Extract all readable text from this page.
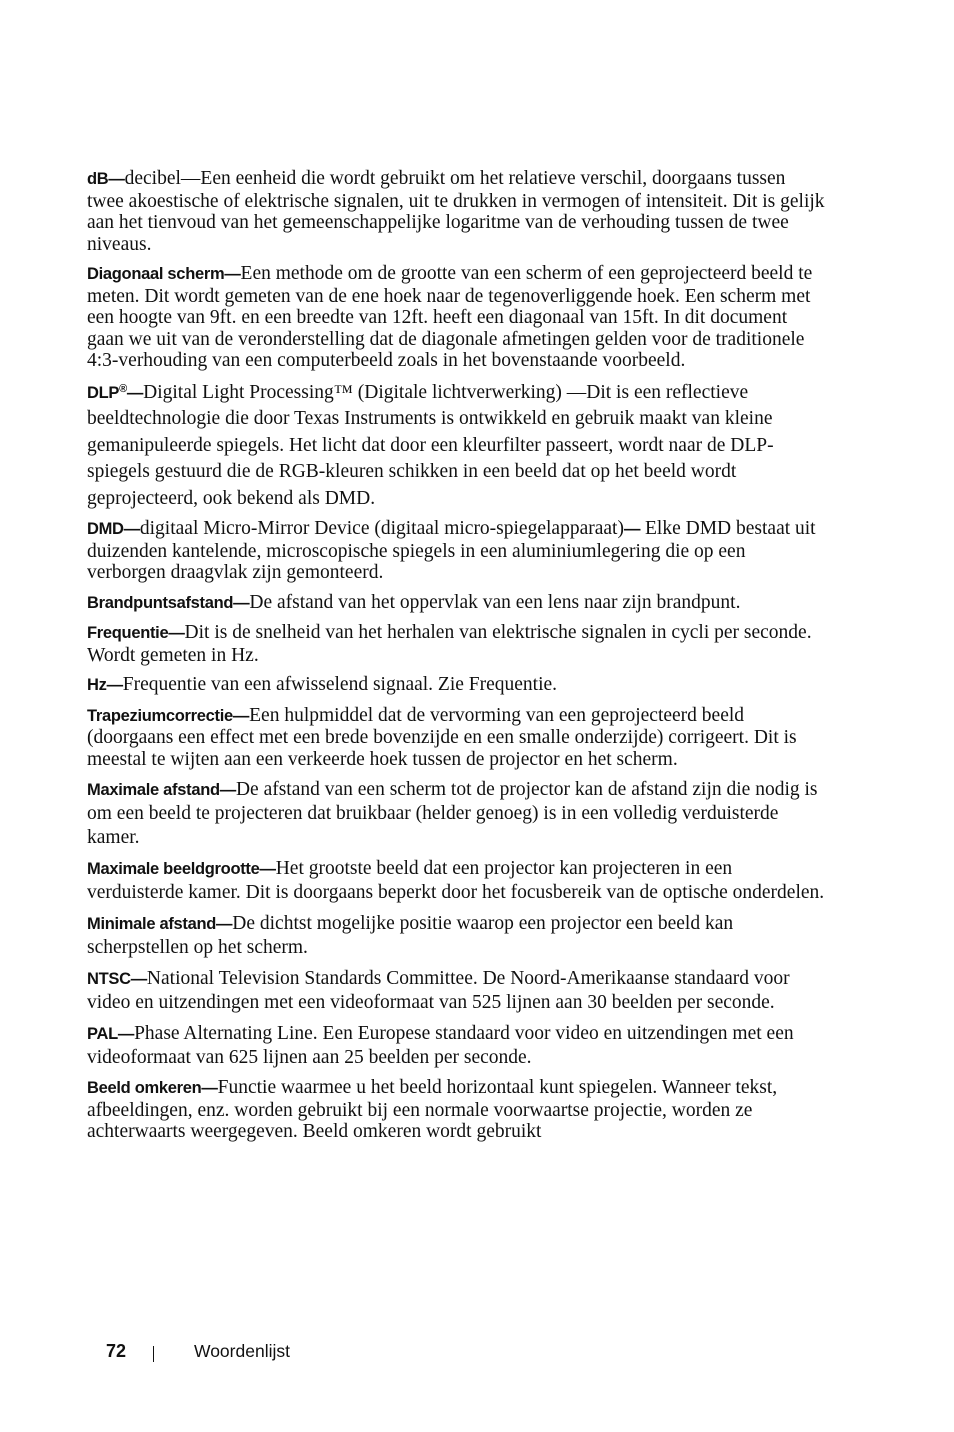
dB—decibel—Een eenheid die wordt gebruikt om het relatieve verschil, doorgaans tussen twee akoestische of elektrische signalen, uit te drukken in vermogen of intensiteit. Dit is gelijk aan het tienvoud van het gemeenschappelijke logaritme van de verhouding tussen de twee niveaus.

Diagonaal scherm—Een methode om de grootte van een scherm of een geprojecteerd beeld te meten. Dit wordt gemeten van de ene hoek naar de tegenoverliggende hoek. Een scherm met een hoogte van 9ft. en een breedte van 12ft. heeft een diagonaal van 15ft. In dit document gaan we uit van de veronderstelling dat de diagonale afmetingen gelden voor de traditionele 4:3-verhouding van een computerbeeld zoals in het bovenstaande voorbeeld.

DLP®—Digital Light Processing™ (Digitale lichtverwerking) —Dit is een reflectieve beeldtechnologie die door Texas Instruments is ontwikkeld en gebruik maakt van kleine gemanipuleerde spiegels. Het licht dat door een kleurfilter passeert, wordt naar de DLP-spiegels gestuurd die de RGB-kleuren schikken in een beeld dat op het beeld wordt geprojecteerd, ook bekend als DMD.

DMD—digitaal Micro-Mirror Device (digitaal micro-spiegelapparaat)— Elke DMD bestaat uit duizenden kantelende, microscopische spiegels in een aluminiumlegering die op een verborgen draagvlak zijn gemonteerd.

Brandpuntsafstand—De afstand van het oppervlak van een lens naar zijn brandpunt.

Frequentie—Dit is de snelheid van het herhalen van elektrische signalen in cycli per seconde. Wordt gemeten in Hz.

Hz—Frequentie van een afwisselend signaal. Zie Frequentie.

Trapeziumcorrectie—Een hulpmiddel dat de vervorming van een geprojecteerd beeld (doorgaans een effect met een brede bovenzijde en een smalle onderzijde) corrigeert. Dit is meestal te wijten aan een verkeerde hoek tussen de projector en het scherm.

Maximale afstand—De afstand van een scherm tot de projector kan de afstand zijn die nodig is om een beeld te projecteren dat bruikbaar (helder genoeg) is in een volledig verduisterde kamer.

Maximale beeldgrootte—Het grootste beeld dat een projector kan projecteren in een verduisterde kamer. Dit is doorgaans beperkt door het focusbereik van de optische onderdelen.

Minimale afstand—De dichtst mogelijke positie waarop een projector een beeld kan scherpstellen op het scherm.

NTSC—National Television Standards Committee. De Noord-Amerikaanse standaard voor video en uitzendingen met een videoformaat van 525 lijnen aan 30 beelden per seconde.

PAL—Phase Alternating Line. Een Europese standaard voor video en uitzendingen met een videoformaat van 625 lijnen aan 25 beelden per seconde.

Beeld omkeren—Functie waarmee u het beeld horizontaal kunt spiegelen. Wanneer tekst, afbeeldingen, enz. worden gebruikt bij een normale voorwaartse projectie, worden ze achterwaarts weergegeven. Beeld omkeren wordt gebruikt

72	Woordenlijst
